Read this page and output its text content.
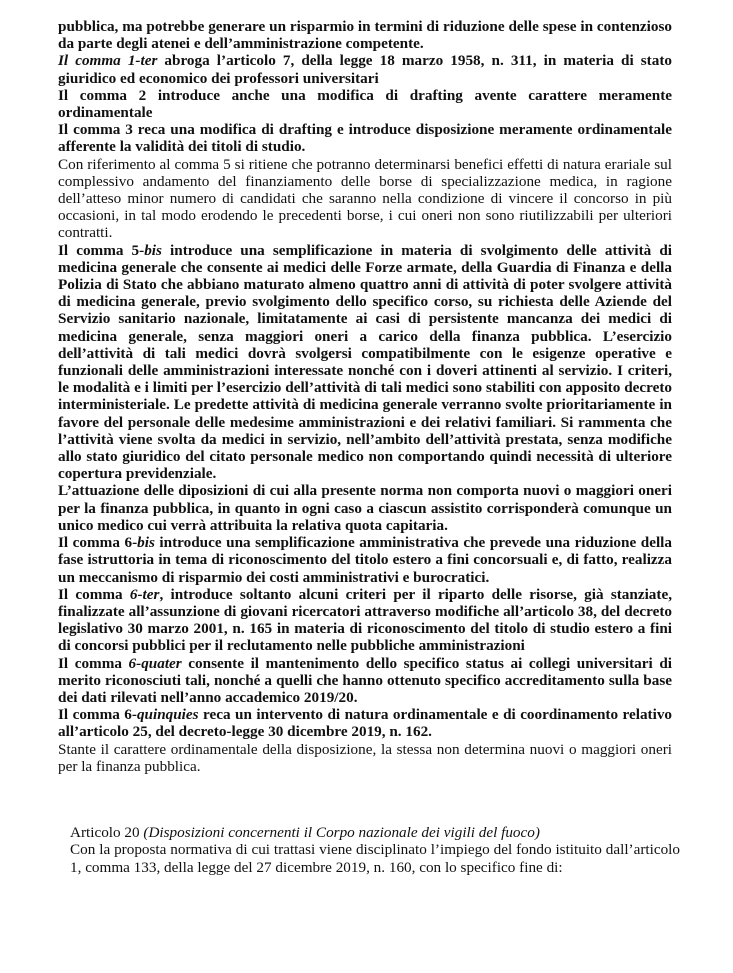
pubblica, ma potrebbe generare un risparmio in termini di riduzione delle spese in contenzioso da parte degli atenei e dell’amministrazione competente.

Il comma 1-ter abroga l’articolo 7, della legge 18 marzo 1958, n. 311, in materia di stato giuridico ed economico dei professori universitari

Il comma 2 introduce anche una modifica di drafting avente carattere meramente ordinamentale

Il comma 3 reca una modifica di drafting e introduce disposizione meramente ordinamentale afferente la validità dei titoli di studio.

Con riferimento al comma 5 si ritiene che potranno determinarsi benefici effetti di natura erariale sul complessivo andamento del finanziamento delle borse di specializzazione medica, in ragione dell’atteso minor numero di candidati che saranno nella condizione di vincere il concorso in più occasioni, in tal modo erodendo le precedenti borse, i cui oneri non sono riutilizzabili per ulteriori contratti.

Il comma 5-bis introduce una semplificazione in materia di svolgimento delle attività di medicina generale che consente ai medici delle Forze armate, della Guardia di Finanza e della Polizia di Stato che abbiano maturato almeno quattro anni di attività di poter svolgere attività di medicina generale, previo svolgimento dello specifico corso, su richiesta delle Aziende del Servizio sanitario nazionale, limitatamente ai casi di persistente mancanza dei medici di medicina generale, senza maggiori oneri a carico della finanza pubblica. L’esercizio dell’attività di tali medici dovrà svolgersi compatibilmente con le esigenze operative e funzionali delle amministrazioni interessate nonché con i doveri attinenti al servizio. I criteri, le modalità e i limiti per l’esercizio dell’attività di tali medici sono stabiliti con apposito decreto interministeriale. Le predette attività di medicina generale verranno svolte prioritariamente in favore del personale delle medesime amministrazioni e dei relativi familiari. Si rammenta che l’attività viene svolta da medici in servizio, nell’ambito dell’attività prestata, senza modifiche allo stato giuridico del citato personale medico non comportando quindi necessità di ulteriore copertura previdenziale.

L’attuazione delle diposizioni di cui alla presente norma non comporta nuovi o maggiori oneri per la finanza pubblica, in quanto in ogni caso a ciascun assistito corrisponderà comunque un unico medico cui verrà attribuita la relativa quota capitaria.

Il comma 6-bis introduce una semplificazione amministrativa che prevede una riduzione della fase istruttoria in tema di riconoscimento del titolo estero a fini concorsuali e, di fatto, realizza un meccanismo di risparmio dei costi amministrativi e burocratici.

Il comma 6-ter, introduce soltanto alcuni criteri per il riparto delle risorse, già stanziate, finalizzate all’assunzione di giovani ricercatori attraverso modifiche all’articolo 38, del decreto legislativo 30 marzo 2001, n. 165 in materia di riconoscimento del titolo di studio estero a fini di concorsi pubblici per il reclutamento nelle pubbliche amministrazioni

Il comma 6-quater consente il mantenimento dello specifico status ai collegi universitari di merito riconosciuti tali, nonché a quelli che hanno ottenuto specifico accreditamento sulla base dei dati rilevati nell’anno accademico 2019/20.

Il comma 6-quinquies reca un intervento di natura ordinamentale e di coordinamento relativo all’articolo 25, del decreto-legge 30 dicembre 2019, n. 162.

Stante il carattere ordinamentale della disposizione, la stessa non determina nuovi o maggiori oneri per la finanza pubblica.

Articolo 20 (Disposizioni concernenti il Corpo nazionale dei vigili del fuoco)

Con la proposta normativa di cui trattasi viene disciplinato l’impiego del fondo istituito dall’articolo 1, comma 133, della legge del 27 dicembre 2019, n. 160, con lo specifico fine di:
